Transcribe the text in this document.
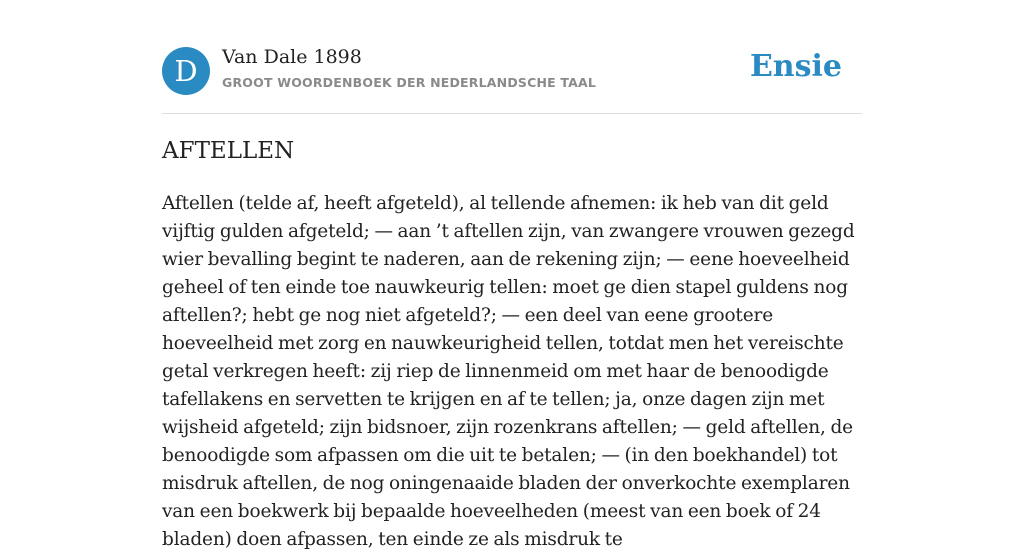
D	Van Dale 1898
GROOT WOORDENBOEK DER NEDERLANDSCHE TAAL	Ensie
AFTELLEN

Aftellen (telde af, heeft afgeteld), al tellende afnemen: ik heb van dit geld vijftig gulden afgeteld; — aan ’t aftellen zijn, van zwangere vrouwen gezegd wier bevalling begint te naderen, aan de rekening zijn; — eene hoeveelheid geheel of ten einde toe nauwkeurig tellen: moet ge dien stapel guldens nog aftellen?; hebt ge nog niet afgeteld?; — een deel van eene grootere hoeveelheid met zorg en nauwkeurigheid tellen, totdat men het vereischte getal verkregen heeft: zij riep de linnenmeid om met haar de benoodigde tafellakens en servetten te krijgen en af te tellen; ja, onze dagen zijn met wijsheid afgeteld; zijn bidsnoer, zijn rozenkrans aftellen; — geld aftellen, de benoodigde som afpassen om die uit te betalen; — (in den boekhandel) tot misdruk aftellen, de nog oningenaaide bladen der onverkochte exemplaren van een boekwerk bij bepaalde hoeveelheden (meest van een boek of 24 bladen) doen afpassen, ten einde ze als misdruk te
